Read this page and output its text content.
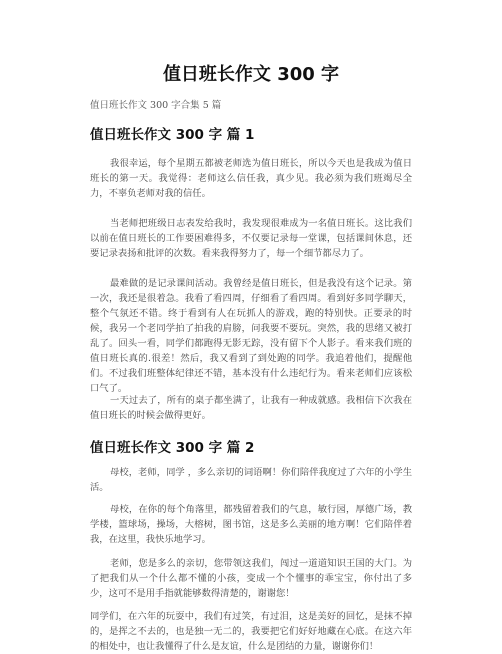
值日班长作文 300 字
值日班长作文 300 字合集 5 篇
值日班长作文 300 字 篇 1

我很幸运，每个星期五都被老师选为值日班长，所以今天也是我成为值日班长的第一天。我觉得：老师这么信任我，真少见。我必须为我们班竭尽全力，不辜负老师对我的信任。

当老师把班级日志表发给我时，我发现很难成为一名值日班长。这比我们以前在值日班长的工作要困难得多，不仅要记录每一堂课，包括课间休息，还要记录表扬和批评的次数。看来我得努力了，每一个细节都尽力了。

最难做的是记录课间活动。我曾经是值日班长，但是我没有这个记录。第一次，我还是很着急。我看了看四周，仔细看了看四周。看到好多同学聊天，整个气氛还不错。终于看到有人在玩抓人的游戏，跑的特别快。正要录的时候，我另一个老同学拍了拍我的肩膀，问我要不要玩。突然，我的思绪又被打乱了。回头一看，同学们都跑得无影无踪，没有留下个人影子。看来我们班的值日班长真的.很差！然后，我又看到了到处跑的同学。我追着他们，提醒他们。不过我们班整体纪律还不错，基本没有什么违纪行为。看来老师们应该松口气了。

一天过去了，所有的桌子都坐满了，让我有一种成就感。我相信下次我在值日班长的时候会做得更好。

值日班长作文 300 字 篇 2

母校，老师，同学 ，多么亲切的词语啊！你们陪伴我度过了六年的小学生活。

母校，在你的每个角落里，都残留着我们的气息，敏行园，厚德广场，教学楼，篮球场，操场，大榕树，图书馆，这是多么美丽的地方啊！它们陪伴着我，在这里，我快乐地学习。

老师，您是多么的亲切，您带领这我们，闯过一道道知识王国的大门。为了把我们从一个什么都不懂的小孩，变成一个个懂事的乖宝宝，你付出了多少，这可不是用手指就能够数得清楚的，谢谢您！

同学们，在六年的玩耍中，我们有过笑，有过泪，这是美好的回忆，是抹不掉的，是挥之不去的，也是独一无二的，我要把它们好好地藏在心底。在这六年的相处中，也让我懂得了什么是友谊，什么是团结的力量，谢谢你们！
